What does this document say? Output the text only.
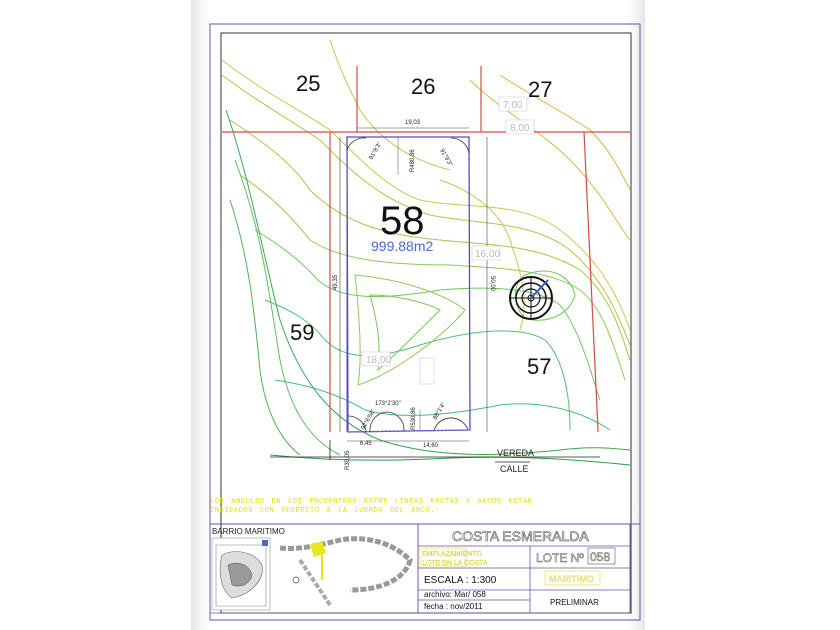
25	26	27
59
57
58
999.88m2
7,00
8,00
16,00
18,00
19,03
91°8'3"	91°9'3"
R480,86
49,35	50,00
92°6'58"
173°2'30"
R530,86	88°1'4"
6,45	14,60
R30,05	VEREDA
CALLE
LOS ANGULOS EN LOS ENCUENTROS ENTRE LINEAS RECTAS Y ARCOS ESTAN INDICADOS CON RESPECTO A LA CUERDA DEL ARCO.-
BARRIO MARITIMO	COSTA ESMERALDA
EMPLAZAMIENTO
LOTE EN LA COSTA	LOTE Nº 058
ESCALA : 1:300	MARITIMO
archivo: Mar/ 058
fecha : nov/2011	PRELIMINAR
